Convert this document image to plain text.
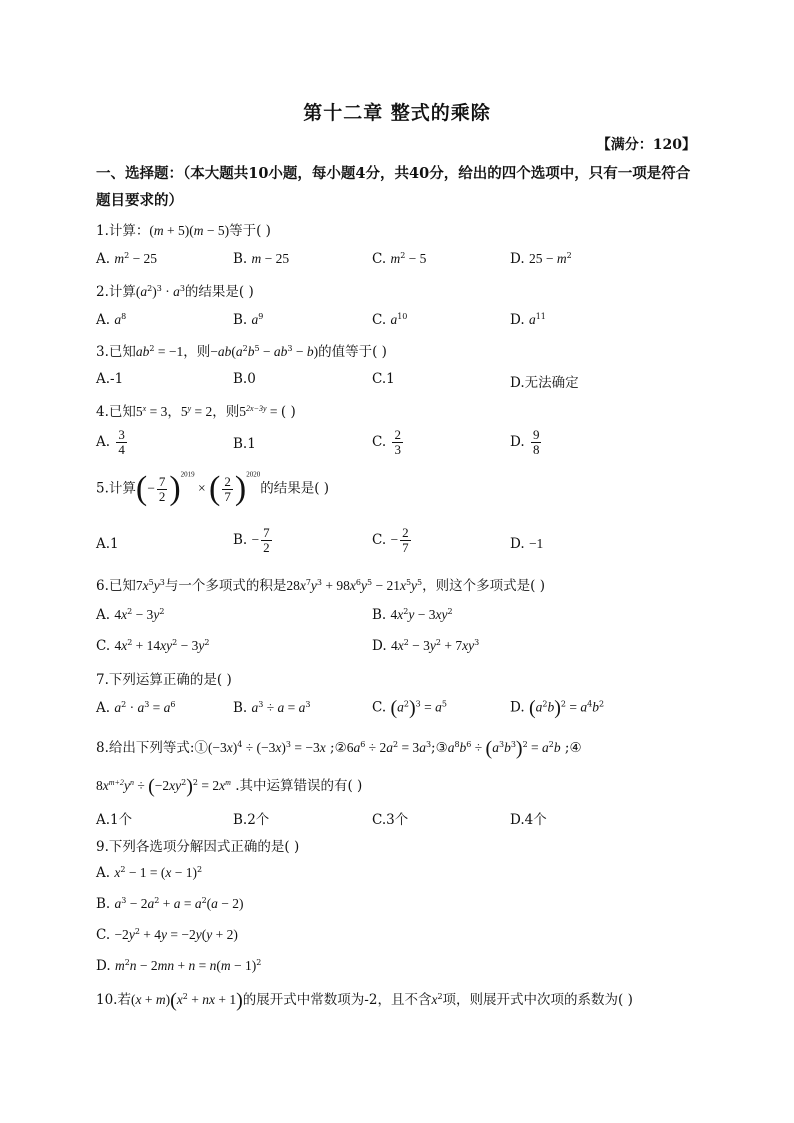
第十二章 整式的乘除
【满分：120】
一、选择题：（本大题共10小题，每小题4分，共40分，给出的四个选项中，只有一项是符合题目要求的）
1.计算：(m + 5)(m − 5)等于( )
A. $m^2 - 25$	B. m − 25	C. $m^2 - 5$	D. $25 - m^2$
2.计算$(a^2)^3 \cdot a^3$的结果是( )
A. $a^8$	B. $a^9$	C. $a^{10}$	D. $a^{11}$
3.已知$ab^2 = -1$，则$-ab(a^2b^5 - ab^3 - b)$的值等于( )
A.-1	B.0	C.1	D.无法确定
4.已知$5^x = 3$，$5^y = 2$，则$5^{2x-3y}$ = ( )
A. $\frac{3}{4}$	B.1	C. $\frac{2}{3}$	D. $\frac{9}{8}$
5.计算(− $\frac{7}{2} )^{2019}$ × ( $\frac{2}{7} )^{2020}$的结果是( )
A.1	B. − $\frac{7}{2}$	C. − $\frac{2}{7}$	D. −1
6.已知$7x^5y^3$与一个多项式的积是$28x^7y^3 + 98x^6y^5 - 21x^5y^5$，则这个多项式是( )
A. $4x^2 - 3y^2$	B. $4x^2y - 3xy^2$
C. $4x^2 + 14xy^2 - 3y^2$	D. $4x^2 - 3y^2 + 7xy^3$
7.下列运算正确的是( )
A. $a^2 \cdot a^3 = a^6$	B. $a^3 \div a = a^3$	C. $(a^2)^3 = a^5$	D. $(a^2b)^2 = a^4b^2$
8.给出下列等式$:①(-3x)^4 \div (-3x)^3 = -3x$ $;②6a^6 \div 2a^2$ = $3a^3;③a^8b^6 \div (a^3b^3)^2 = a^2b$ ;④
$8x^{m+2}y^n \div (-2xy^2)^2 = 2x^m$ .其中运算错误的有( )
A.1个	B.2个	C.3个	D.4个
9.下列各选项分解因式正确的是( )
A. $x^2 - 1 = (x - 1)^2$
B. $a^3 - 2a^2 + a = a^2(a - 2)$
C. $-2y^2 + 4y = -2y(y + 2)$
D. $m^2n - 2mn + n = n(m - 1)^2$
10.若$(x + m)(x^2$ + nx + 1)的展开式中常数项为-2，且不含$x^2$项，则展开式中次项的系数为( )
